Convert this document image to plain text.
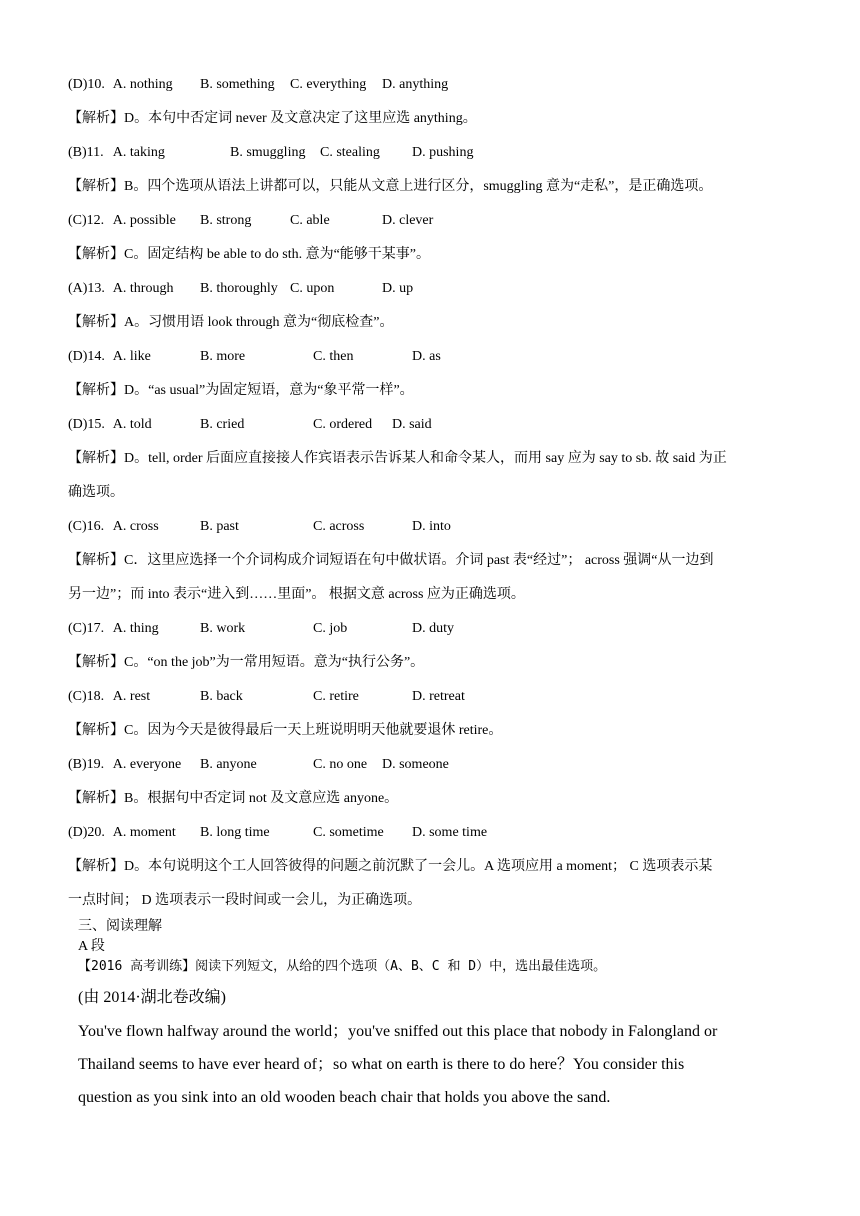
(D)10. A. nothing B. something C. everything D. anything
【解析】D。本句中否定词 never 及文意决定了这里应选 anything。
(B)11. A. taking	B. smuggling C. stealing D. pushing
【解析】B。四个选项从语法上讲都可以，只能从文意上进行区分，smuggling 意为“走私”，是正确选项。
(C)12. A. possible B. strong	C. able	D. clever
【解析】C。固定结构 be able to do sth. 意为“能够干某事”。
(A)13. A. through B. thoroughly C. upon	D. up
【解析】A。习惯用语 look through 意为“彻底检查”。
(D)14. A. like	B. more	C. then	D. as
【解析】D。“as usual”为固定短语，意为“象平常一样”。
(D)15. A. told	B. cried	C. ordered D. said
【解析】D。tell, order 后面应直接接人作宾语表示告诉某人和命令某人，而用 say 应为 say to sb. 故 said 为正
确选项。
(C)16. A. cross	B. past	C. across	D. into
【解析】C．这里应选择一个介词构成介词短语在句中做状语。介词 past 表“经过”； across 强调“从一边到
另一边”；而 into 表示“进入到……里面”。 根据文意 across 应为正确选项。
(C)17. A. thing	B. work	C. job	D. duty
【解析】C。“on the job”为一常用短语。意为“执行公务”。
(C)18. A. rest	B. back	C. retire	D. retreat
【解析】C。因为今天是彼得最后一天上班说明明天他就要退休 retire。
(B)19. A. everyone B. anyone	C. no one D. someone
【解析】B。根据句中否定词 not 及文意应选 anyone。
(D)20. A. moment B. long time	C. sometime D. some time
【解析】D。本句说明这个工人回答彼得的问题之前沉默了一会儿。A 选项应用 a moment； C 选项表示某
一点时间； D 选项表示一段时间或一会儿，为正确选项。
三、阅读理解
A 段
【2016 高考训练】阅读下列短文，从给的四个选项（A、B、C 和 D）中，选出最佳选项。
(由 2014·湖北卷改编)
You've flown halfway around the world；you've sniffed out this place that nobody in Falongland or
Thailand seems to have ever heard of；so what on earth is there to do here？You consider this
question as you sink into an old wooden beach chair that holds you above the sand.
